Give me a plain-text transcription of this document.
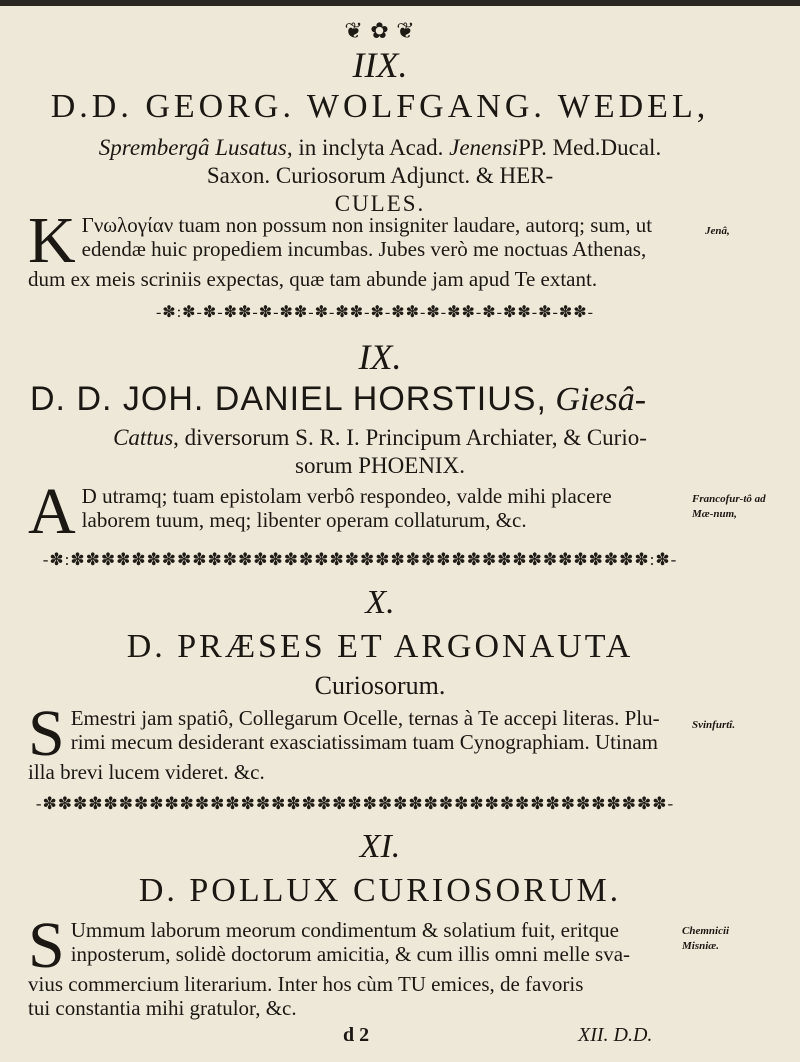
❦ ✿ ❦
IIX.
D.D. GEORG. WOLFGANG. WEDEL,
Sprembergâ Lusatus, in inclyta Acad. JenensiPP. Med.Ducal.
Saxon. Curiosorum Adjunct. & HER-
CULES.
K Γνωλογίαν tuam non possum non insigniter laudare, autorq; sum, ut
edendæ huic propediem incumbas. Jubes verò me noctuas Athenas,
dum ex meis scriniis expectas, quæ tam abunde jam apud Te extant.
Jenâ,
-✽:✽-✽-✽✽-✽-✽✽-✽-✽✽-✽-✽✽-✽-✽✽-✽-✽✽-✽-✽✽-
IX.
D. D. JOH. DANIEL HORSTIUS, Giesâ-
Cattus, diversorum S. R. I. Principum Archiater, & Curio-
sorum PHOENIX.
A D utramq; tuam epistolam verbô respondeo, valde mihi placere
laborem tuum, meq; libenter operam collaturum, &c.
Francofur-tô ad Mæ-num,
-✽:✽✽✽✽✽✽✽✽✽✽✽✽✽✽✽✽✽✽✽✽✽✽✽✽✽✽✽✽✽✽✽✽✽✽✽✽✽✽:✽-
X.
D. PRÆSES ET ARGONAUTA
Curiosorum.
S Emestri jam spatiô, Collegarum Ocelle, ternas à Te accepi literas. Plu-
rimi mecum desiderant exasciatissimam tuam Cynographiam. Utinam
illa brevi lucem videret. &c.
Svinfurtî.
-✽✽✽✽✽✽✽✽✽✽✽✽✽✽✽✽✽✽✽✽✽✽✽✽✽✽✽✽✽✽✽✽✽✽✽✽✽✽✽✽✽-
XI.
D. POLLUX CURIOSORUM.
S Ummum laborum meorum condimentum & solatium fuit, eritque
inposterum, solidè doctorum amicitia, & cum illis omni melle sva-
vius commercium literarium. Inter hos cùm TU emices, de favoris
tui constantia mihi gratulor, &c.
Chemnicii Misniæ.
d 2	XII. D.D.
